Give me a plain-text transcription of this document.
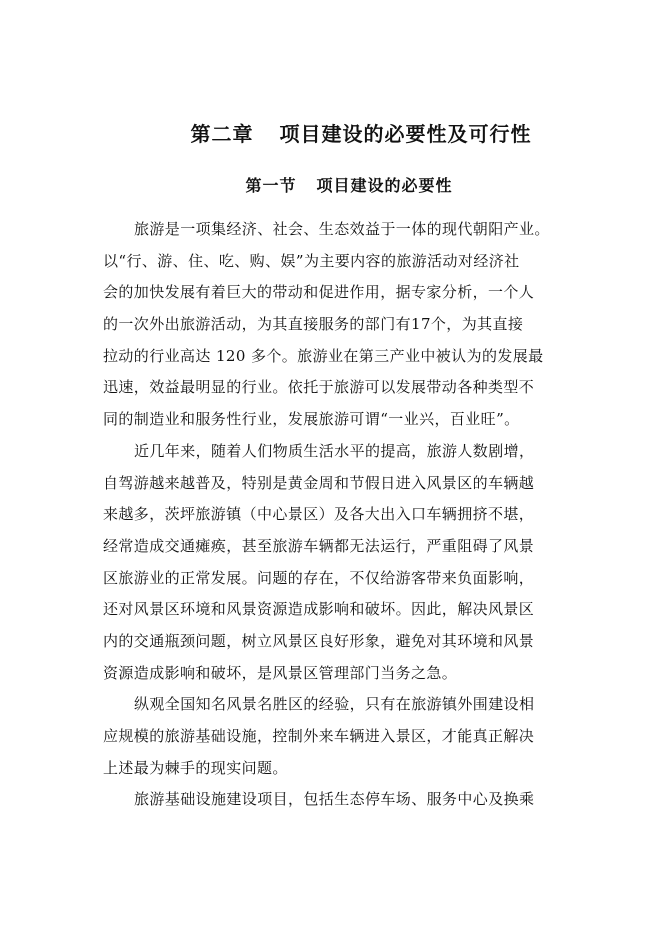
第二章 项目建设的必要性及可行性
第一节 项目建设的必要性
旅游是一项集经济、社会、生态效益于一体的现代朝阳产业。
以“行、游、住、吃、购、娱”为主要内容的旅游活动对经济社
会的加快发展有着巨大的带动和促进作用，据专家分析，一个人
的一次外出旅游活动，为其直接服务的部门有17个，为其直接
拉动的行业高达 120 多个。旅游业在第三产业中被认为的发展最
迅速，效益最明显的行业。依托于旅游可以发展带动各种类型不
同的制造业和服务性行业，发展旅游可谓“一业兴，百业旺”。
近几年来，随着人们物质生活水平的提高，旅游人数剧增，
自驾游越来越普及，特别是黄金周和节假日进入风景区的车辆越
来越多，茨坪旅游镇（中心景区）及各大出入口车辆拥挤不堪，
经常造成交通瘫痪，甚至旅游车辆都无法运行，严重阻碍了风景
区旅游业的正常发展。问题的存在，不仅给游客带来负面影响，
还对风景区环境和风景资源造成影响和破坏。因此，解决风景区
内的交通瓶颈问题，树立风景区良好形象，避免对其环境和风景
资源造成影响和破坏，是风景区管理部门当务之急。
纵观全国知名风景名胜区的经验，只有在旅游镇外围建设相
应规模的旅游基础设施，控制外来车辆进入景区，才能真正解决
上述最为棘手的现实问题。
旅游基础设施建设项目，包括生态停车场、服务中心及换乘
